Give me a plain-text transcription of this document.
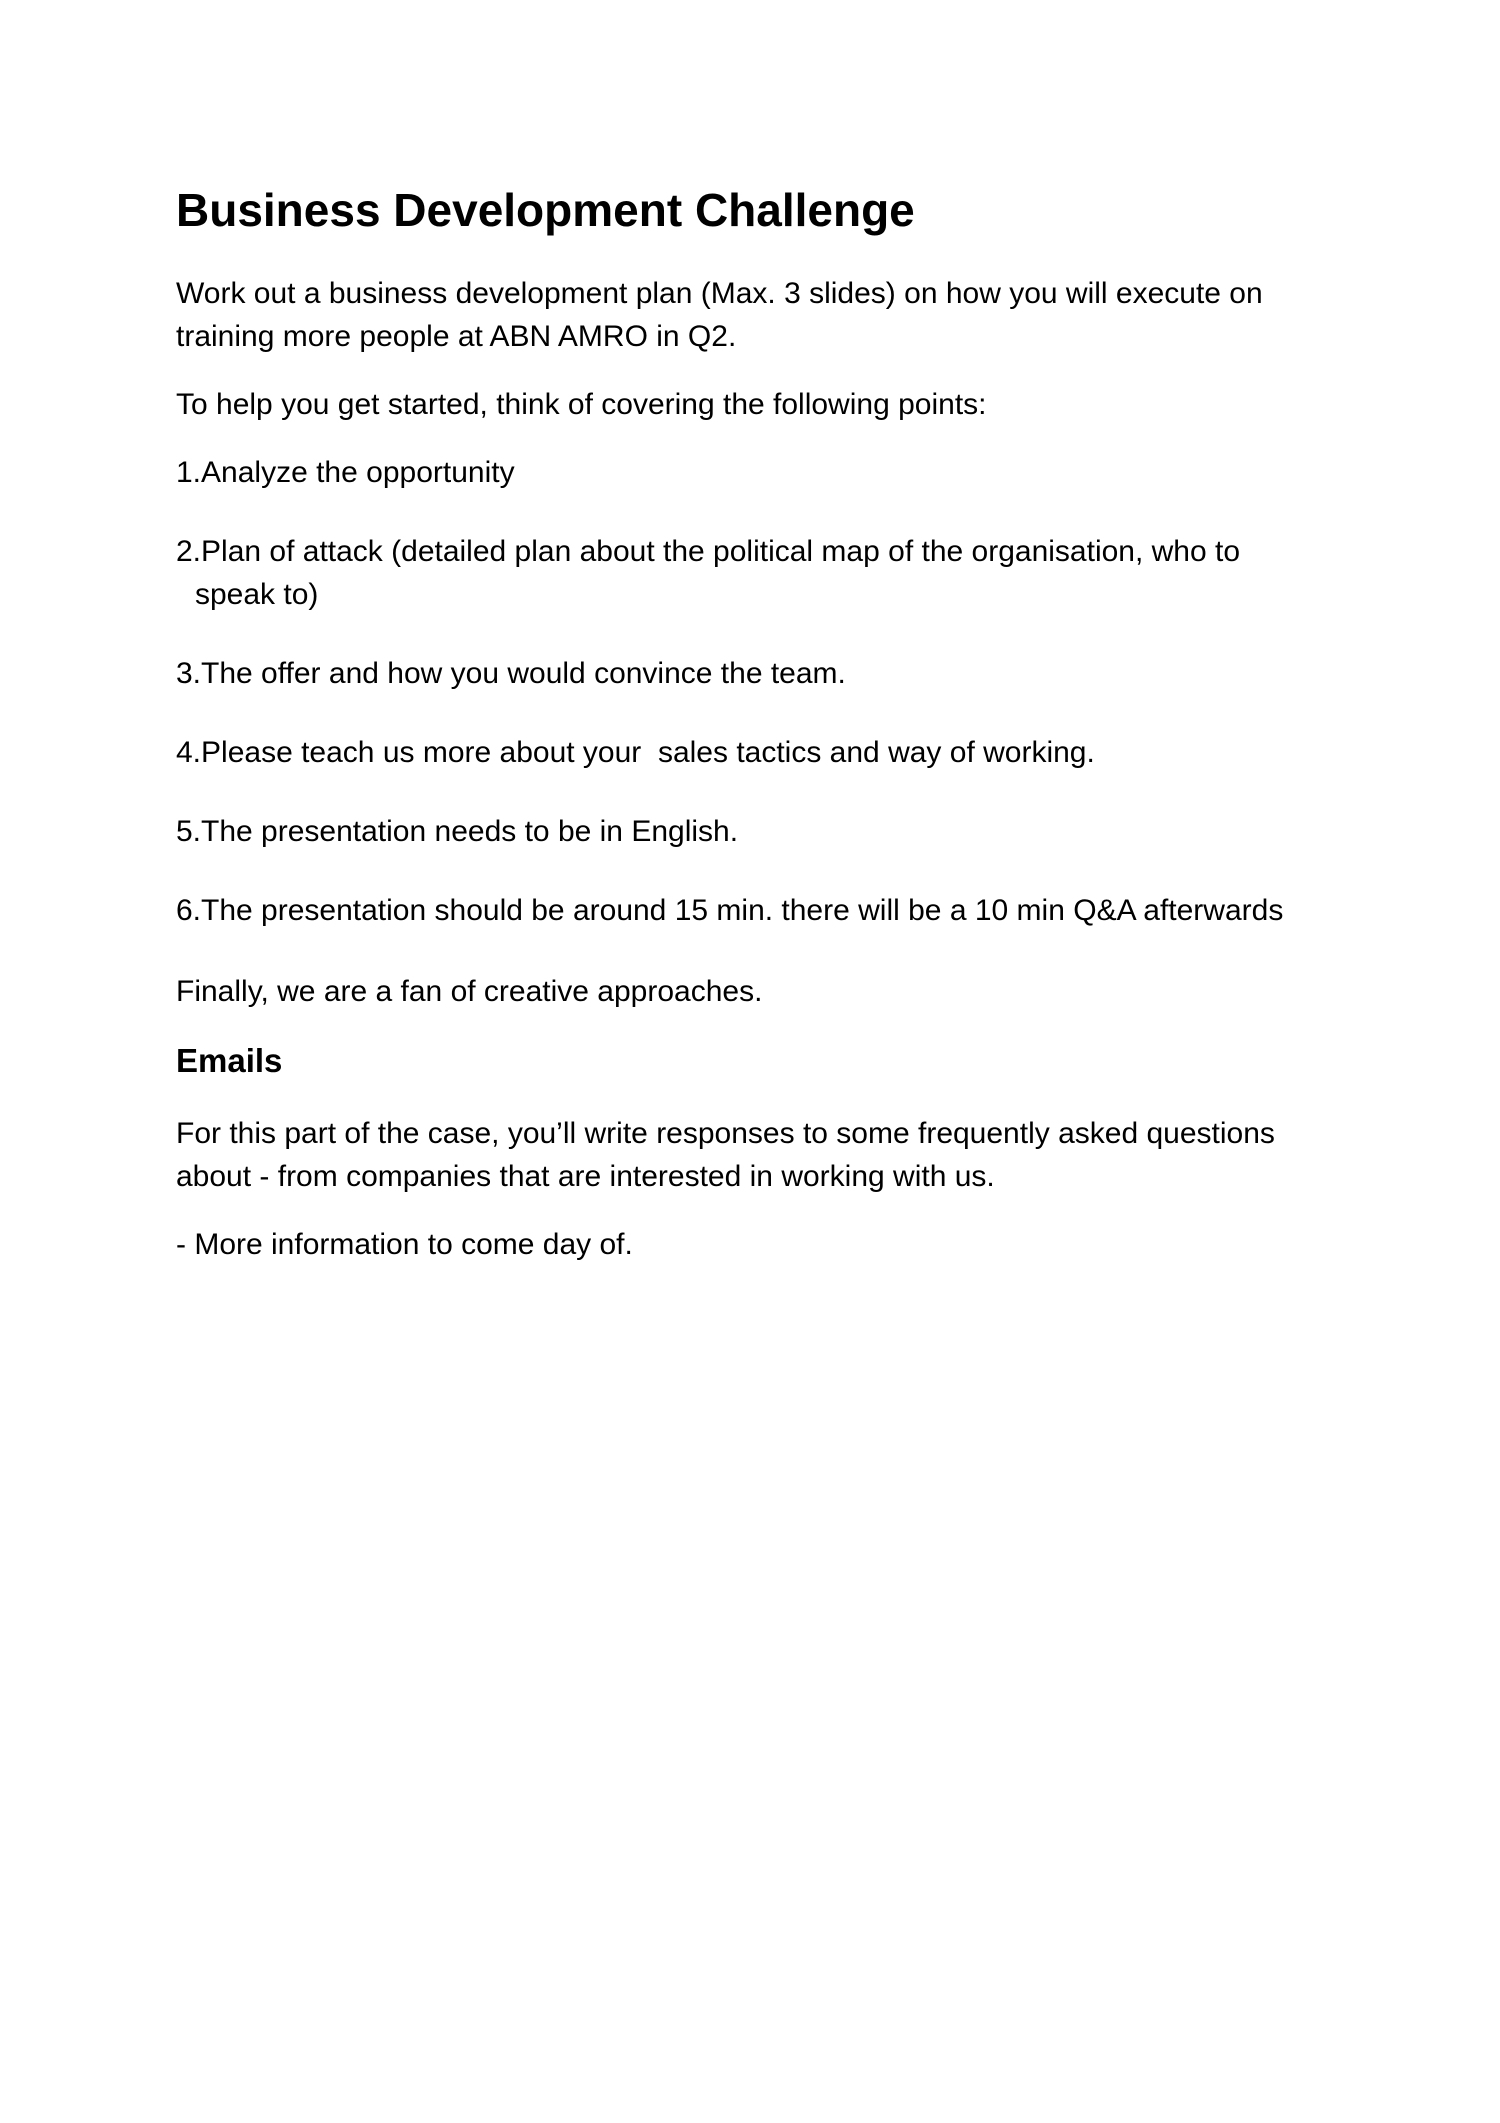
Business Development Challenge

Work out a business development plan (Max. 3 slides) on how you will execute on training more people at ABN AMRO in Q2.

To help you get started, think of covering the following points:

1.Analyze the opportunity
2.Plan of attack (detailed plan about the political map of the organisation, who to speak to)
3.The offer and how you would convince the team.
4.Please teach us more about your  sales tactics and way of working.
5.The presentation needs to be in English.
6.The presentation should be around 15 min. there will be a 10 min Q&A afterwards

Finally, we are a fan of creative approaches.

Emails

For this part of the case, you’ll write responses to some frequently asked questions about - from companies that are interested in working with us.

- More information to come day of.
